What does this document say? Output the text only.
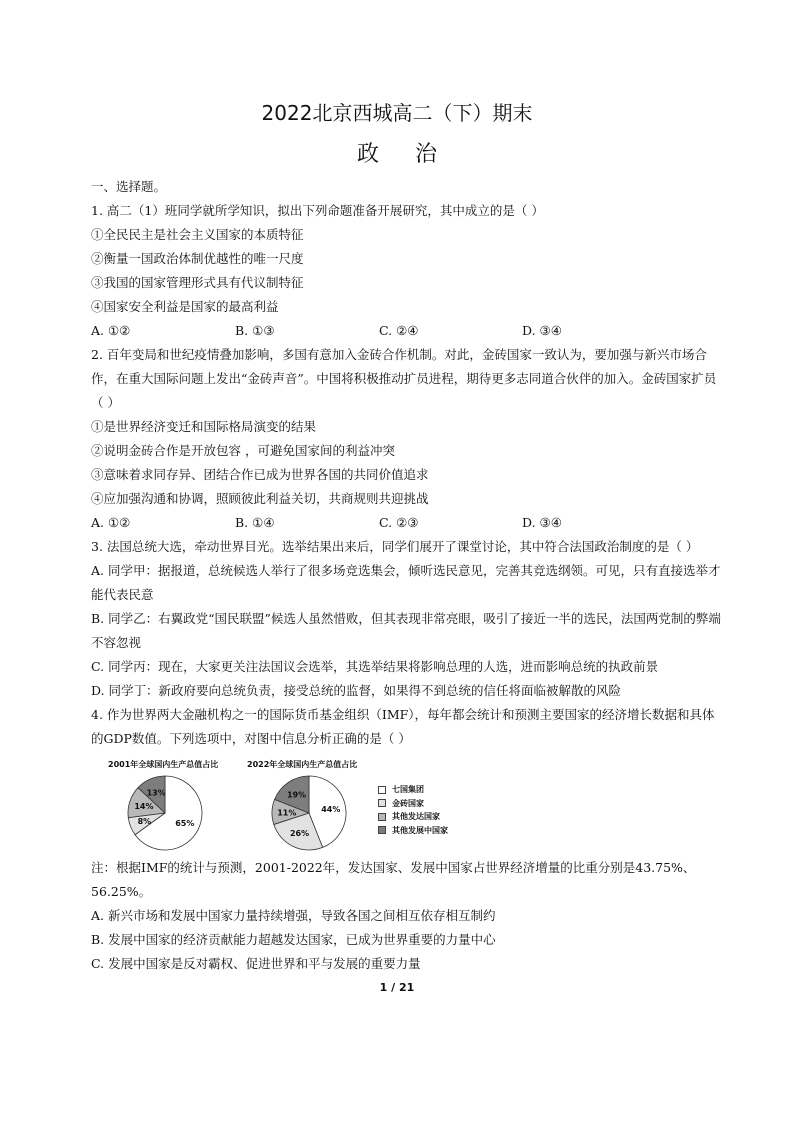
2022北京西城高二（下）期末
政治
一、选择题。
1. 高二（1）班同学就所学知识，拟出下列命题准备开展研究，其中成立的是（ ）
①全民民主是社会主义国家的本质特征
②衡量一国政治体制优越性的唯一尺度
③我国的国家管理形式具有代议制特征
④国家安全利益是国家的最高利益
A. ①②	B. ①③	C. ②④	D. ③④
2. 百年变局和世纪疫情叠加影响，多国有意加入金砖合作机制。对此，金砖国家一致认为，要加强与新兴市场合
作，在重大国际问题上发出“金砖声音”。中国将积极推动扩员进程，期待更多志同道合伙伴的加入。金砖国家扩员
（ ）
①是世界经济变迁和国际格局演变的结果
②说明金砖合作是开放包容 ，可避免国家间的利益冲突
③意味着求同存异、团结合作已成为世界各国的共同价值追求
④应加强沟通和协调，照顾彼此利益关切，共商规则共迎挑战
A. ①②	B. ①④	C. ②③	D. ③④
3. 法国总统大选，牵动世界目光。选举结果出来后，同学们展开了课堂讨论，其中符合法国政治制度的是（ ）
A. 同学甲：据报道，总统候选人举行了很多场竞选集会，倾听选民意见，完善其竞选纲领。可见，只有直接选举才
能代表民意
B. 同学乙：右翼政党“国民联盟”候选人虽然惜败，但其表现非常亮眼，吸引了接近一半的选民，法国两党制的弊端
不容忽视
C. 同学丙：现在，大家更关注法国议会选举，其选举结果将影响总理的人选，进而影响总统的执政前景
D. 同学丁：新政府要向总统负责，接受总统的监督，如果得不到总统的信任将面临被解散的风险
4. 作为世界两大金融机构之一的国际货币基金组织（IMF），每年都会统计和预测主要国家的经济增长数据和具体
的GDP数值。下列选项中，对图中信息分析正确的是（ ）
2001年全球国内生产总值占比	2022年全球国内生产总值占比
65%
8%
14%
13%
44%
26%
11%
19%
七国集团
金砖国家
其他发达国家
其他发展中国家
注：根据IMF的统计与预测，2001-2022年，发达国家、发展中国家占世界经济增量的比重分别是43.75%、
56.25%。
A. 新兴市场和发展中国家力量持续增强，导致各国之间相互依存相互制约
B. 发展中国家的经济贡献能力超越发达国家，已成为世界重要的力量中心
C. 发展中国家是反对霸权、促进世界和平与发展的重要力量
1 / 21
